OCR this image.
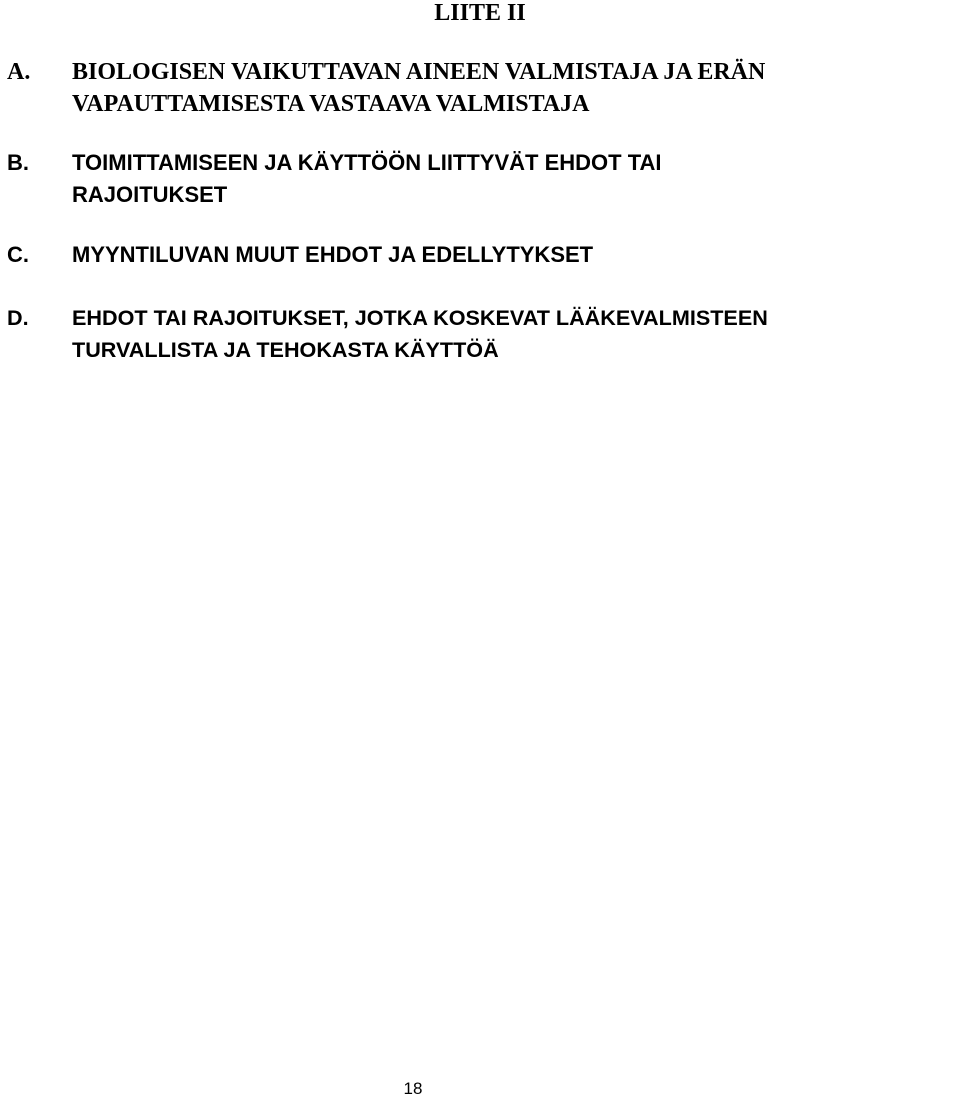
LIITE II
A. BIOLOGISEN VAIKUTTAVAN AINEEN VALMISTAJA JA ERÄN
VAPAUTTAMISESTA VASTAAVA VALMISTAJA
B. TOIMITTAMISEEN JA KÄYTTÖÖN LIITTYVÄT EHDOT TAI
RAJOITUKSET
C. MYYNTILUVAN MUUT EHDOT JA EDELLYTYKSET
D. EHDOT TAI RAJOITUKSET, JOTKA KOSKEVAT LÄÄKEVALMISTEEN
TURVALLISTA JA TEHOKASTA KÄYTTÖÄ
18
